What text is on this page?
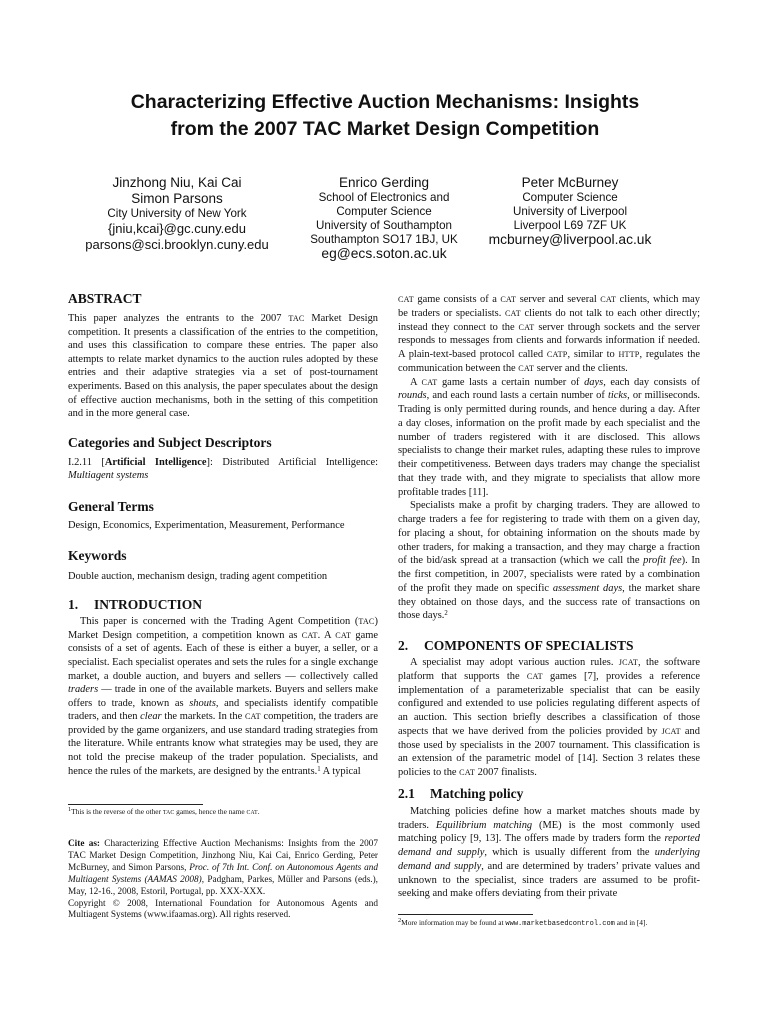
Characterizing Effective Auction Mechanisms: Insights
from the 2007 TAC Market Design Competition
Jinzhong Niu, Kai Cai
Simon Parsons
City University of New York
{jniu,kcai}@gc.cuny.edu
parsons@sci.brooklyn.cuny.edu
Enrico Gerding
School of Electronics and
Computer Science
University of Southampton
Southampton SO17 1BJ, UK
eg@ecs.soton.ac.uk
Peter McBurney
Computer Science
University of Liverpool
Liverpool L69 7ZF UK
mcburney@liverpool.ac.uk
ABSTRACT

This paper analyzes the entrants to the 2007 TAC Market Design competition. It presents a classification of the entries to the competition, and uses this classification to compare these entries. The paper also attempts to relate market dynamics to the auction rules adopted by these entries and their adaptive strategies via a set of post-tournament experiments. Based on this analysis, the paper speculates about the design of effective auction mechanisms, both in the setting of this competition and in the more general case.

Categories and Subject Descriptors

I.2.11 [Artificial Intelligence]: Distributed Artificial Intelligence: Multiagent systems

General Terms

Design, Economics, Experimentation, Measurement, Performance

Keywords

Double auction, mechanism design, trading agent competition

1. INTRODUCTION

This paper is concerned with the Trading Agent Competition (TAC) Market Design competition, a competition known as CAT. A CAT game consists of a set of agents. Each of these is either a buyer, a seller, or a specialist. Each specialist operates and sets the rules for a single exchange market, a double auction, and buyers and sellers — collectively called traders — trade in one of the available markets. Buyers and sellers make offers to trade, known as shouts, and specialists identify compatible traders, and then clear the markets. In the CAT competition, the traders are provided by the game organizers, and use standard trading strategies from the literature. While entrants know what strategies may be used, they are not told the precise makeup of the trader population. Specialists, and hence the rules of the markets, are designed by the entrants.$^1$ A typical

$^1$This is the reverse of the other TAC games, hence the name CAT.

Cite as: Characterizing Effective Auction Mechanisms: Insights from the 2007 TAC Market Design Competition, Jinzhong Niu, Kai Cai, Enrico Gerding, Peter McBurney, and Simon Parsons, Proc. of 7th Int. Conf. on Autonomous Agents and Multiagent Systems (AAMAS 2008), Padgham, Parkes, Müller and Parsons (eds.), May, 12-16., 2008, Estoril, Portugal, pp. XXX-XXX.

Copyright © 2008, International Foundation for Autonomous Agents and Multiagent Systems (www.ifaamas.org). All rights reserved.

CAT game consists of a CAT server and several CAT clients, which may be traders or specialists. CAT clients do not talk to each other directly; instead they connect to the CAT server through sockets and the server responds to messages from clients and forwards information if needed. A plain-text-based protocol called CATP, similar to HTTP, regulates the communication between the CAT server and the clients.

A CAT game lasts a certain number of days, each day consists of rounds, and each round lasts a certain number of ticks, or milliseconds. Trading is only permitted during rounds, and hence during a day. After a day closes, information on the profit made by each specialist and the number of traders registered with it are disclosed. This allows specialists to change their market rules, adapting these rules to improve their competitiveness. Between days traders may change the specialist that they trade with, and they migrate to specialists that allow more profitable trades [11].

Specialists make a profit by charging traders. They are allowed to charge traders a fee for registering to trade with them on a given day, for placing a shout, for obtaining information on the shouts made by other traders, for making a transaction, and they may charge a fraction of the bid/ask spread at a transaction (which we call the profit fee). In the first competition, in 2007, specialists were rated by a combination of the profit they made on specific assessment days, the market share they obtained on those days, and the success rate of transactions on those days.$^2$

2. COMPONENTS OF SPECIALISTS

A specialist may adopt various auction rules. JCAT, the software platform that supports the CAT games [7], provides a reference implementation of a parameterizable specialist that can be easily configured and extended to use policies regulating different aspects of an auction. This section briefly describes a classification of those aspects that we have derived from the policies provided by JCAT and those used by specialists in the 2007 tournament. This classification is an extension of the parametric model of [14]. Section 3 relates these policies to the CAT 2007 finalists.

2.1 Matching policy

Matching policies define how a market matches shouts made by traders. Equilibrium matching (ME) is the most commonly used matching policy [9, 13]. The offers made by traders form the reported demand and supply, which is usually different from the underlying demand and supply, and are determined by traders’ private values and unknown to the specialist, since traders are assumed to be profit-seeking and make offers deviating from their private

$^2$More information may be found at www.marketbasedcontrol.com and in [4].
